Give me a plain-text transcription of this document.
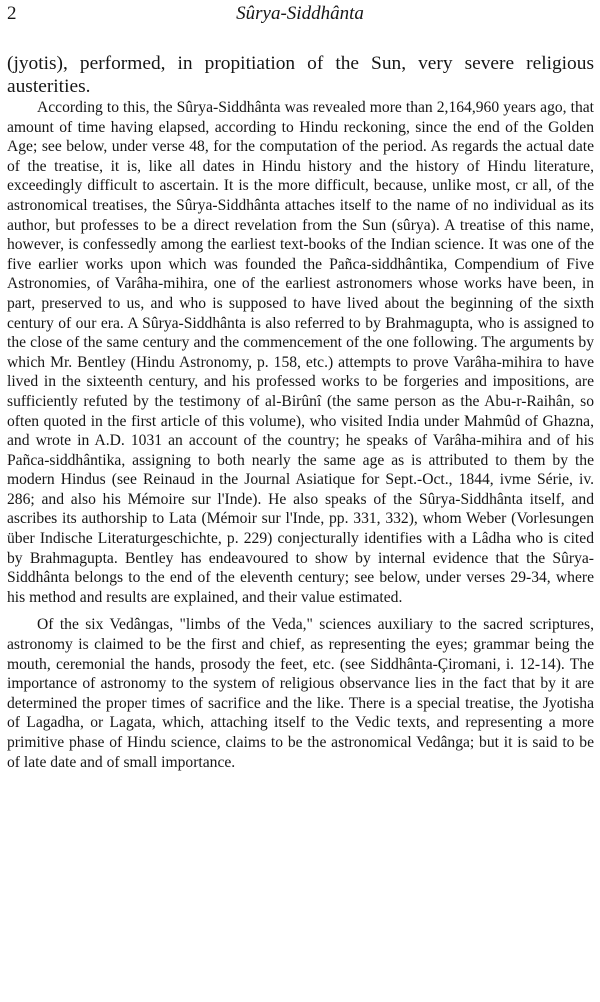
2	Sûrya-Siddhânta

(jyotis), performed, in propitiation of the Sun, very severe religious austerities.

According to this, the Sûrya-Siddhânta was revealed more than 2,164,960 years ago, that amount of time having elapsed, according to Hindu reckoning, since the end of the Golden Age; see below, under verse 48, for the computation of the period. As regards the actual date of the treatise, it is, like all dates in Hindu history and the history of Hindu literature, exceedingly difficult to ascertain. It is the more difficult, because, unlike most, cr all, of the astronomical treatises, the Sûrya-Siddhânta attaches itself to the name of no individual as its author, but professes to be a direct revelation from the Sun (sûrya). A treatise of this name, however, is confessedly among the earliest text-books of the Indian science. It was one of the five earlier works upon which was founded the Pañca-siddhântika, Compendium of Five Astronomies, of Varâha-mihira, one of the earliest astronomers whose works have been, in part, preserved to us, and who is supposed to have lived about the beginning of the sixth century of our era. A Sûrya-Siddhânta is also referred to by Brahmagupta, who is assigned to the close of the same century and the commencement of the one following. The arguments by which Mr. Bentley (Hindu Astronomy, p. 158, etc.) attempts to prove Varâha-mihira to have lived in the sixteenth century, and his professed works to be forgeries and impositions, are sufficiently refuted by the testimony of al-Birûnî (the same person as the Abu-r-Raihân, so often quoted in the first article of this volume), who visited India under Mahmûd of Ghazna, and wrote in A.D. 1031 an account of the country; he speaks of Varâha-mihira and of his Pañca-siddhântika, assigning to both nearly the same age as is attributed to them by the modern Hindus (see Reinaud in the Journal Asiatique for Sept.-Oct., 1844, ivme Série, iv. 286; and also his Mémoire sur l'Inde). He also speaks of the Sûrya-Siddhânta itself, and ascribes its authorship to Lata (Mémoir sur l'Inde, pp. 331, 332), whom Weber (Vorlesungen über Indische Literaturgeschichte, p. 229) conjecturally identifies with a Lâdha who is cited by Brahmagupta. Bentley has endeavoured to show by internal evidence that the Sûrya-Siddhânta belongs to the end of the eleventh century; see below, under verses 29-34, where his method and results are explained, and their value estimated.

Of the six Vedângas, "limbs of the Veda," sciences auxiliary to the sacred scriptures, astronomy is claimed to be the first and chief, as representing the eyes; grammar being the mouth, ceremonial the hands, prosody the feet, etc. (see Siddhânta-Çiromani, i. 12-14). The importance of astronomy to the system of religious observance lies in the fact that by it are determined the proper times of sacrifice and the like. There is a special treatise, the Jyotisha of Lagadha, or Lagata, which, attaching itself to the Vedic texts, and representing a more primitive phase of Hindu science, claims to be the astronomical Vedânga; but it is said to be of late date and of small importance.
